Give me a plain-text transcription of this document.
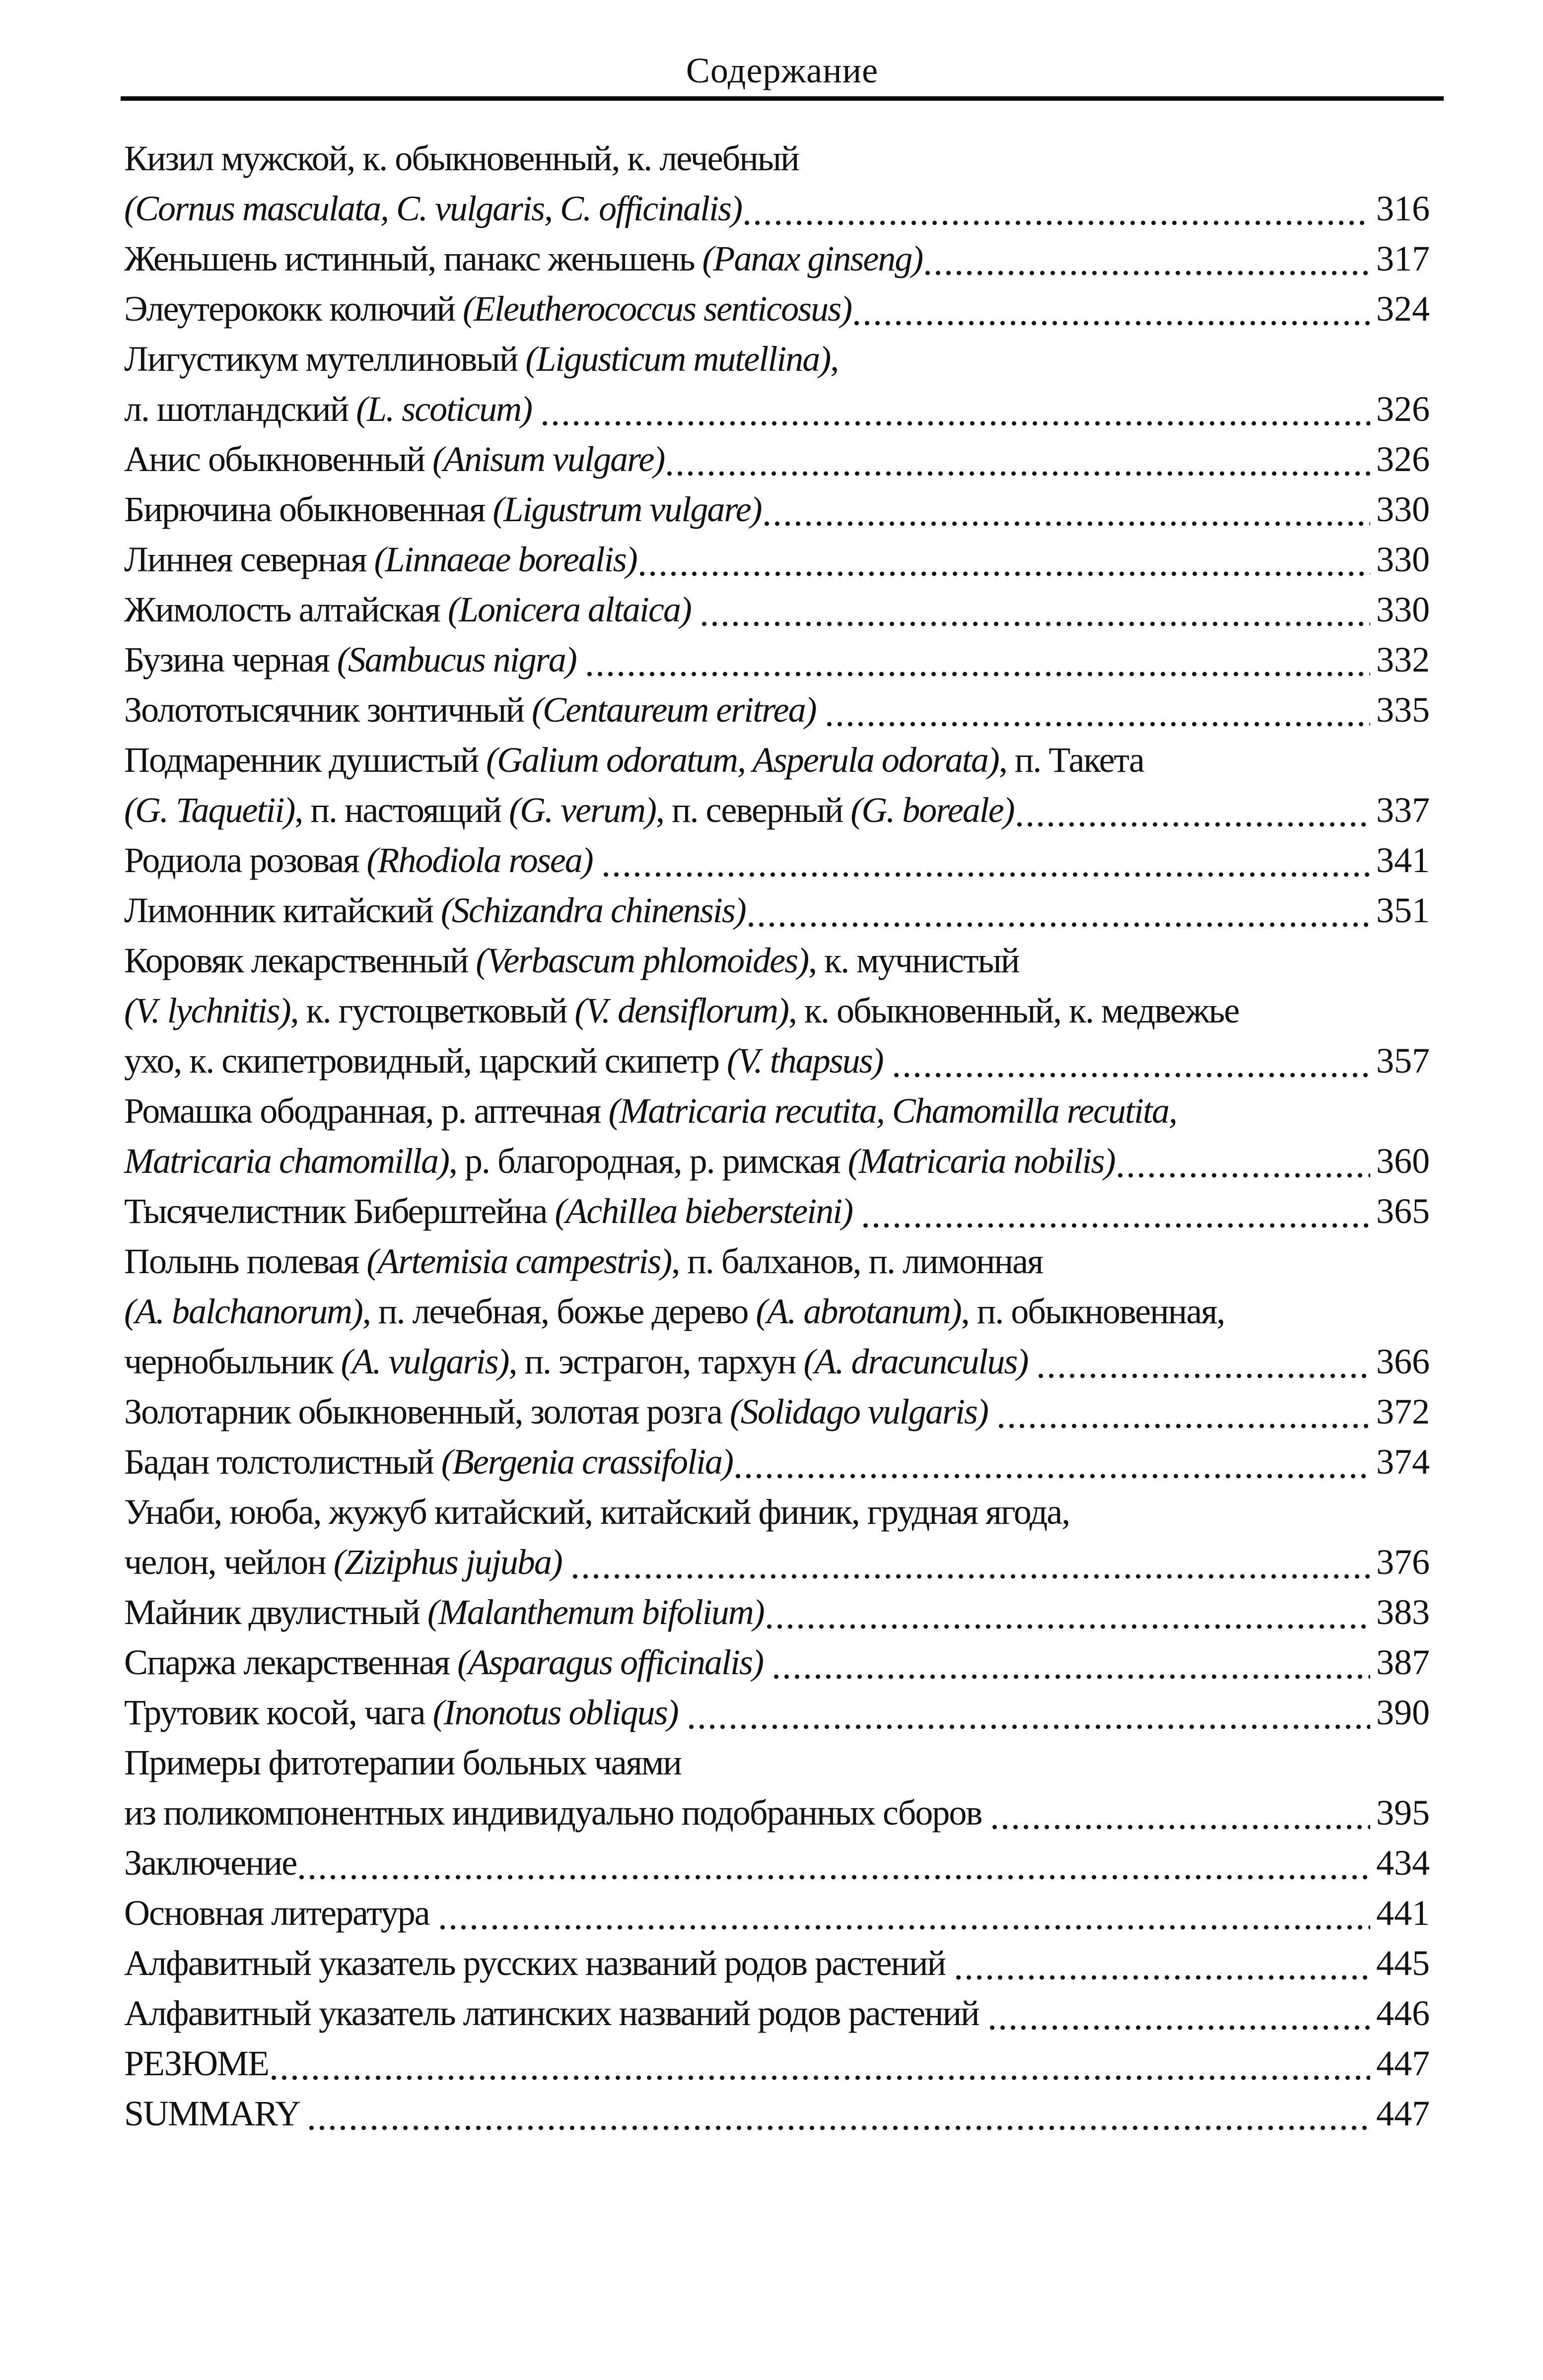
Содержание
Кизил мужской, к. обыкновенный, к. лечебный
(Cornus masculata, C. vulgaris, C. officinalis)	316
Женьшень истинный, панакс женьшень (Panax ginseng)	317
Элеутерококк колючий (Eleutherococcus senticosus)	324
Лигустикум мутеллиновый (Ligusticum mutellina),
л. шотландский (L. scoticum)	326
Анис обыкновенный (Anisum vulgare)	326
Бирючина обыкновенная (Ligustrum vulgare)	330
Линнея северная (Linnaeae borealis)	330
Жимолость алтайская (Lonicera altaica)	330
Бузина черная (Sambucus nigra)	332
Золототысячник зонтичный (Centaureum eritrea)	335
Подмаренник душистый (Galium odoratum, Asperula odorata), п. Такета
(G. Taquetii), п. настоящий (G. verum), п. северный (G. boreale)	337
Родиола розовая (Rhodiola rosea)	341
Лимонник китайский (Schizandra chinensis)	351
Коровяк лекарственный (Verbascum phlomoides), к. мучнистый
(V. lychnitis), к. густоцветковый (V. densiflorum), к. обыкновенный, к. медвежье
ухо, к. скипетровидный, царский скипетр (V. thapsus)	357
Ромашка ободранная, р. аптечная (Matricaria recutita, Chamomilla recutita,
Matricaria chamomilla), р. благородная, р. римская (Matricaria nobilis)	360
Тысячелистник Биберштейна (Achillea biebersteini)	365
Полынь полевая (Artemisia campestris), п. балханов, п. лимонная
(A. balchanorum), п. лечебная, божье дерево (A. abrotanum), п. обыкновенная,
чернобыльник (A. vulgaris), п. эстрагон, тархун (A. dracunculus)	366
Золотарник обыкновенный, золотая розга (Solidago vulgaris)	372
Бадан толстолистный (Bergenia crassifolia)	374
Унаби, ююба, жужуб китайский, китайский финик, грудная ягода,
челон, чейлон (Ziziphus jujuba)	376
Майник двулистный (Malanthemum bifolium)	383
Спаржа лекарственная (Asparagus officinalis)	387
Трутовик косой, чага (Inonotus obliqus)	390
Примеры фитотерапии больных чаями
из поликомпонентных индивидуально подобранных сборов	395
Заключение	434
Основная литература	441
Алфавитный указатель русских названий родов растений	445
Алфавитный указатель латинских названий родов растений	446
РЕЗЮМЕ	447
SUMMARY	447
